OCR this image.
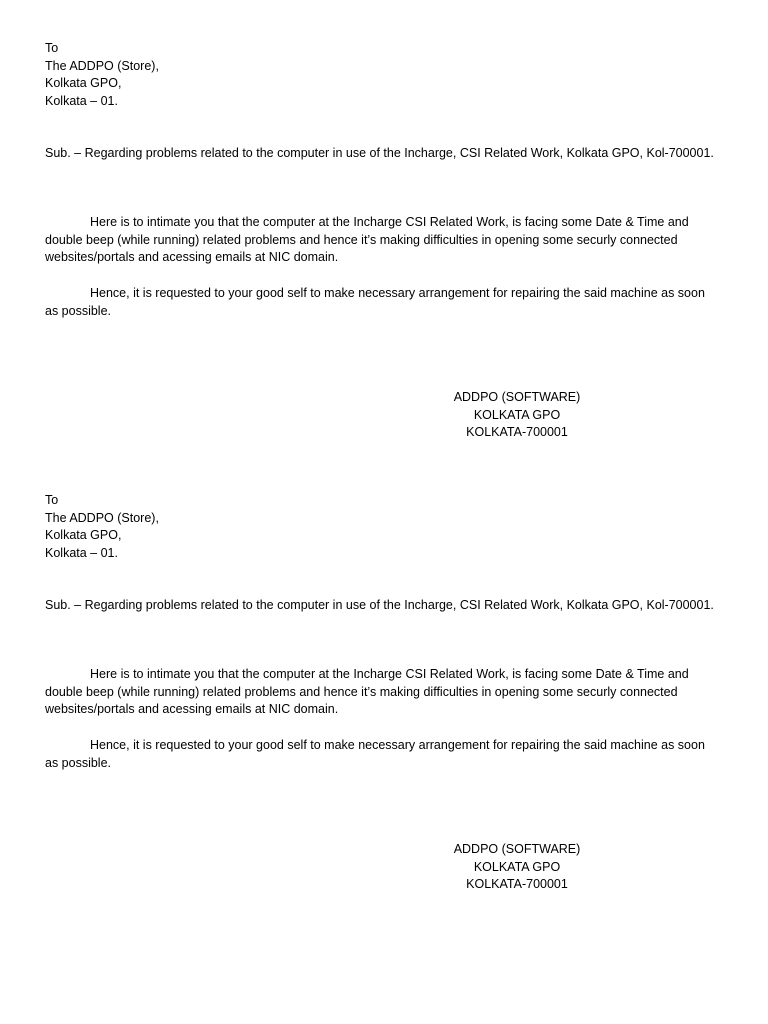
To
The ADDPO (Store),
Kolkata GPO,
Kolkata – 01.
Sub. – Regarding problems related to the computer in use of the Incharge, CSI Related Work, Kolkata GPO, Kol-700001.
Here is to intimate you that the computer at the Incharge CSI Related Work, is facing some Date & Time and
double beep (while running) related problems and hence it’s making difficulties in opening some securly connected
websites/portals and acessing emails at NIC domain.
Hence, it is requested to your good self to make necessary arrangement for repairing the said machine as soon
as possible.
ADDPO (SOFTWARE)
KOLKATA GPO
KOLKATA-700001
To
The ADDPO (Store),
Kolkata GPO,
Kolkata – 01.
Sub. – Regarding problems related to the computer in use of the Incharge, CSI Related Work, Kolkata GPO, Kol-700001.
Here is to intimate you that the computer at the Incharge CSI Related Work, is facing some Date & Time and
double beep (while running) related problems and hence it’s making difficulties in opening some securly connected
websites/portals and acessing emails at NIC domain.
Hence, it is requested to your good self to make necessary arrangement for repairing the said machine as soon
as possible.
ADDPO (SOFTWARE)
KOLKATA GPO
KOLKATA-700001
